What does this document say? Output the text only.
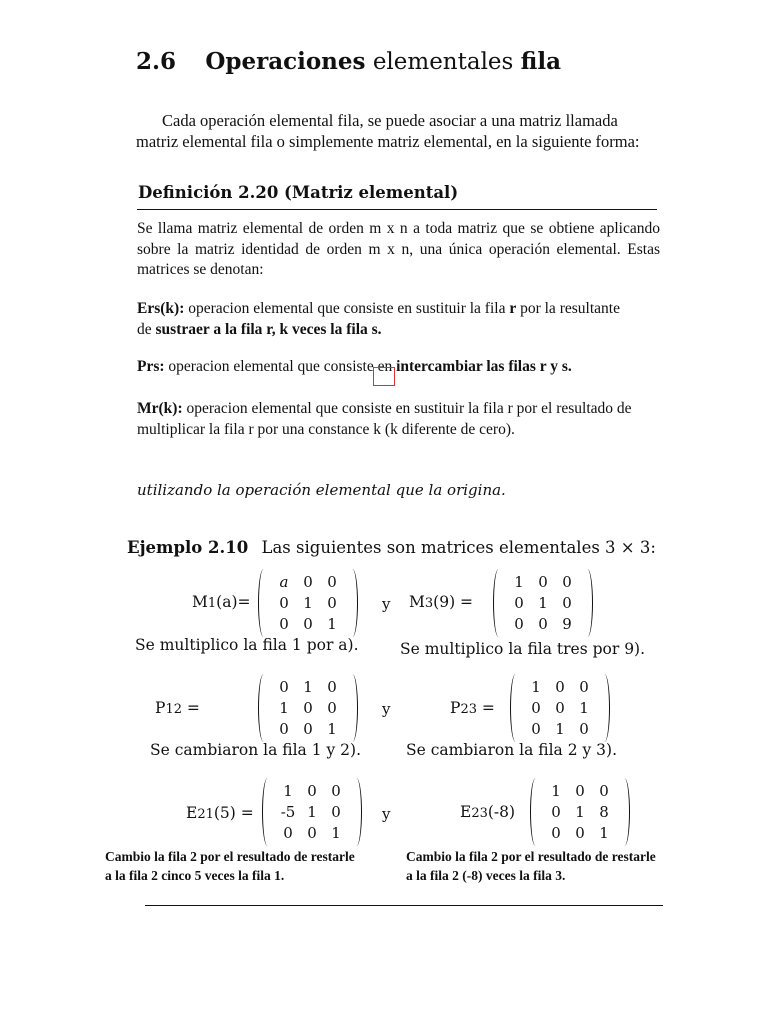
2.6 Operaciones elementales fila
Cada operación elemental fila, se puede asociar a una matriz llamada matriz elemental fila o simplemente matriz elemental, en la siguiente forma:
Definición 2.20 (Matriz elemental)
Se llama matriz elemental de orden m x n a toda matriz que se obtiene aplicando sobre la matriz identidad de orden m x n, una única operación elemental. Estas matrices se denotan:
Ers(k): operacion elemental que consiste en sustituir la fila r por la resultante de sustraer a la fila r, k veces la fila s.
Prs: operacion elemental que consiste en intercambiar las filas r y s.
Mr(k): operacion elemental que consiste en sustituir la fila r por el resultado de multiplicar la fila r por una constance k (k diferente de cero).
utilizando la operación elemental que la origina.
Ejemplo 2.10 Las siguientes son matrices elementales 3 × 3:
M1(a)=
a 0 0
0 1 0
0 0 1
y M3(9) =
1 0 0
0 1 0
0 0 9
Se multiplico la fila 1 por a).	Se multiplico la fila tres por 9).
P12 =
0 1 0
1 0 0
0 0 1
y	P23 =
1 0 0
0 0 1
0 1 0
Se cambiaron la fila 1 y 2).	Se cambiaron la fila 2 y 3).
E21(5) =
1 0 0
-5 1 0
0 0 1
y	E23(-8)
1 0 0
0 1 8
0 0 1
Cambio la fila 2 por el resultado de restarle
a la fila 2 cinco 5 veces la fila 1.
Cambio la fila 2 por el resultado de restarle
a la fila 2 (-8) veces la fila 3.
